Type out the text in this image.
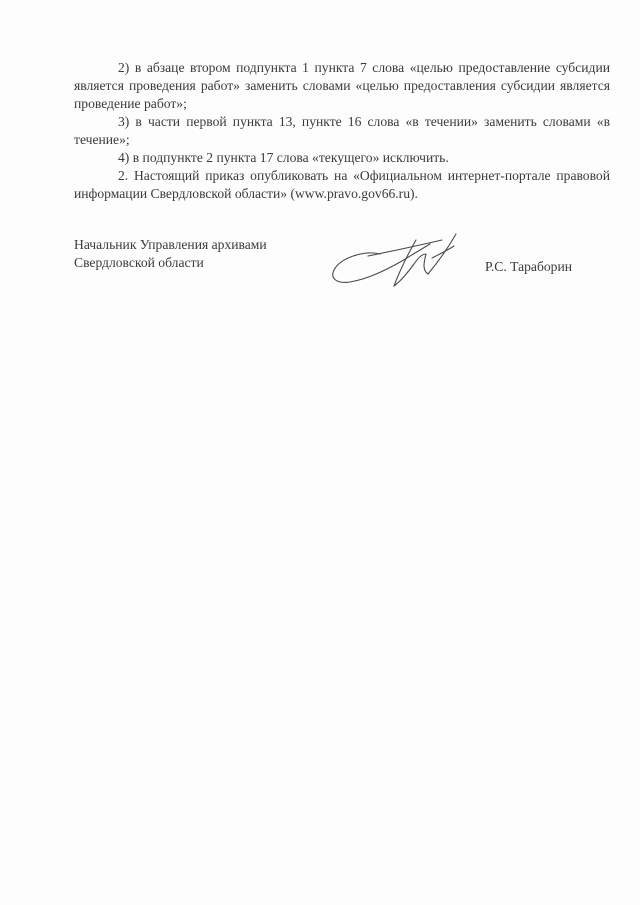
2) в абзаце втором подпункта 1 пункта 7 слова «целью предоставление субсидии является проведения работ» заменить словами «целью предоставления субсидии является проведение работ»;

3) в части первой пункта 13, пункте 16 слова «в течении» заменить словами «в течение»;

4) в подпункте 2 пункта 17 слова «текущего» исключить.

2. Настоящий приказ опубликовать на «Официальном интернет-портале правовой информации Свердловской области» (www.pravo.gov66.ru).

Начальник Управления архивами
Свердловской области	Р.С. Тараборин
